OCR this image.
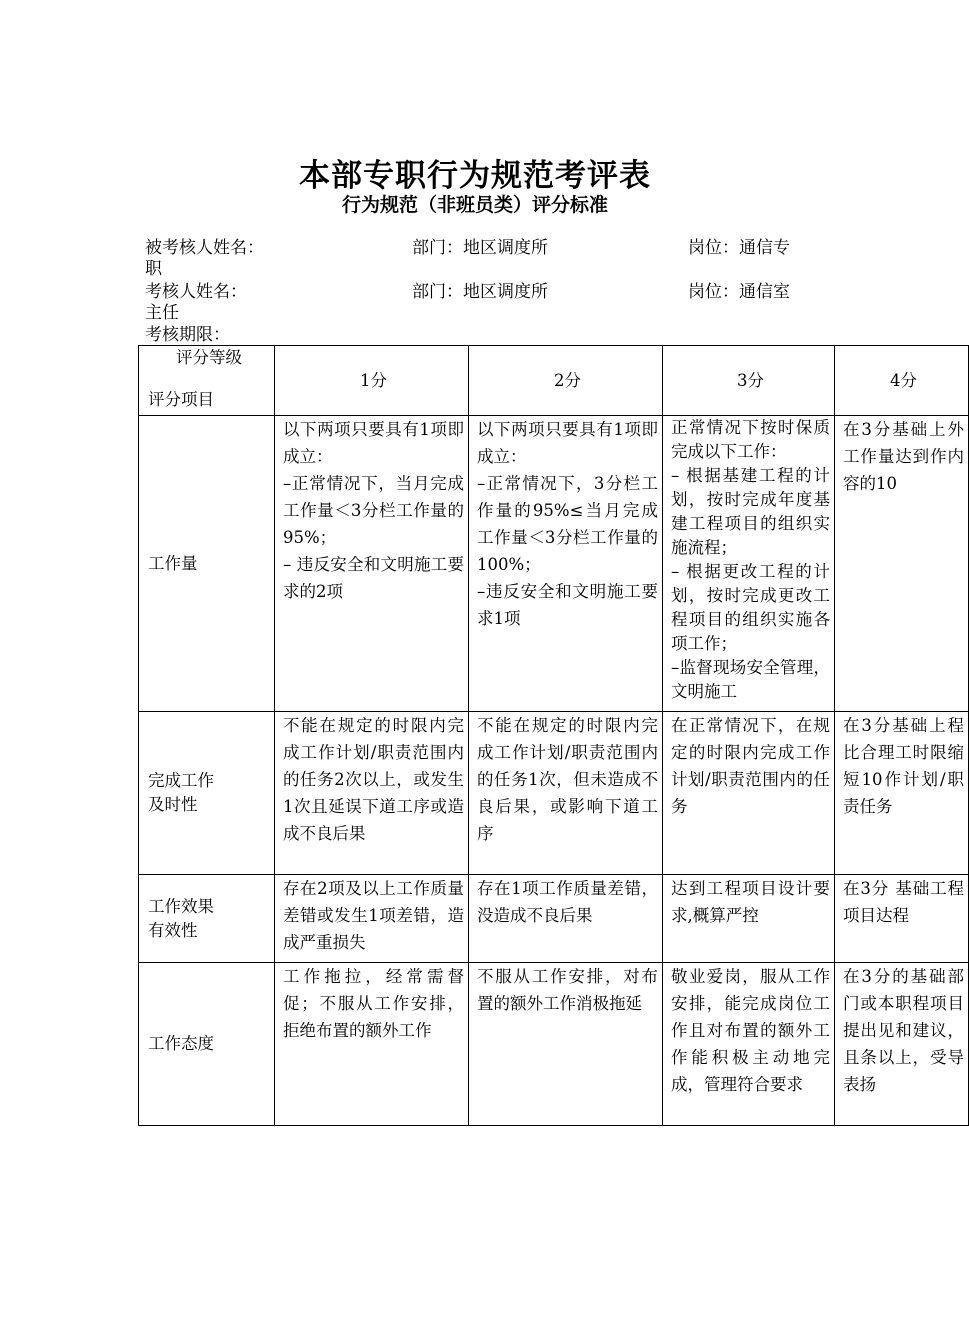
本部专职行为规范考评表
行为规范（非班员类）评分标准
被考核人姓名：	部门：地区调度所	岗位：通信专
职
考核人姓名：	部门：地区调度所	岗位：通信室
主任
考核期限：
评分等级
评分项目	1分	2分	3分	4分
工作量	以下两项只要具有1项即成立：
–正常情况下，当月完成工作量＜3分栏工作量的95%；
– 违反安全和文明施工要求的2项	以下两项只要具有1项即成立：
–正常情况下，3分栏工作量的95%≤当月完成工作量＜3分栏工作量的100%；
–违反安全和文明施工要求1项	正常情况下按时保质完成以下工作：
– 根据基建工程的计划，按时完成年度基建工程项目的组织实施流程；
– 根据更改工程的计划，按时完成更改工程项目的组织实施各项工作；
–监督现场安全管理，文明施工	在3分基础上外工作量达到作内容的10
完成工作
及时性	不能在规定的时限内完成工作计划/职责范围内的任务2次以上，或发生1次且延误下道工序或造成不良后果	不能在规定的时限内完成工作计划/职责范围内的任务1次，但未造成不良后果，或影响下道工序	在正常情况下，在规定的时限内完成工作计划/职责范围内的任务	在3分基础上程比合理工时限缩短10作计划/职责任务
工作效果
有效性	存在2项及以上工作质量差错或发生1项差错，造成严重损失	存在1项工作质量差错，没造成不良后果	达到工程项目设计要求,概算严控	在3分 基础工程项目达程
工作态度	工作拖拉，经常需督促；不服从工作安排，拒绝布置的额外工作	不服从工作安排，对布置的额外工作消极拖延	敬业爱岗，服从工作安排，能完成岗位工作且对布置的额外工作能积极主动地完成，管理符合要求	在3分的基础部门或本职程项目提出见和建议，且条以上，受导表扬
